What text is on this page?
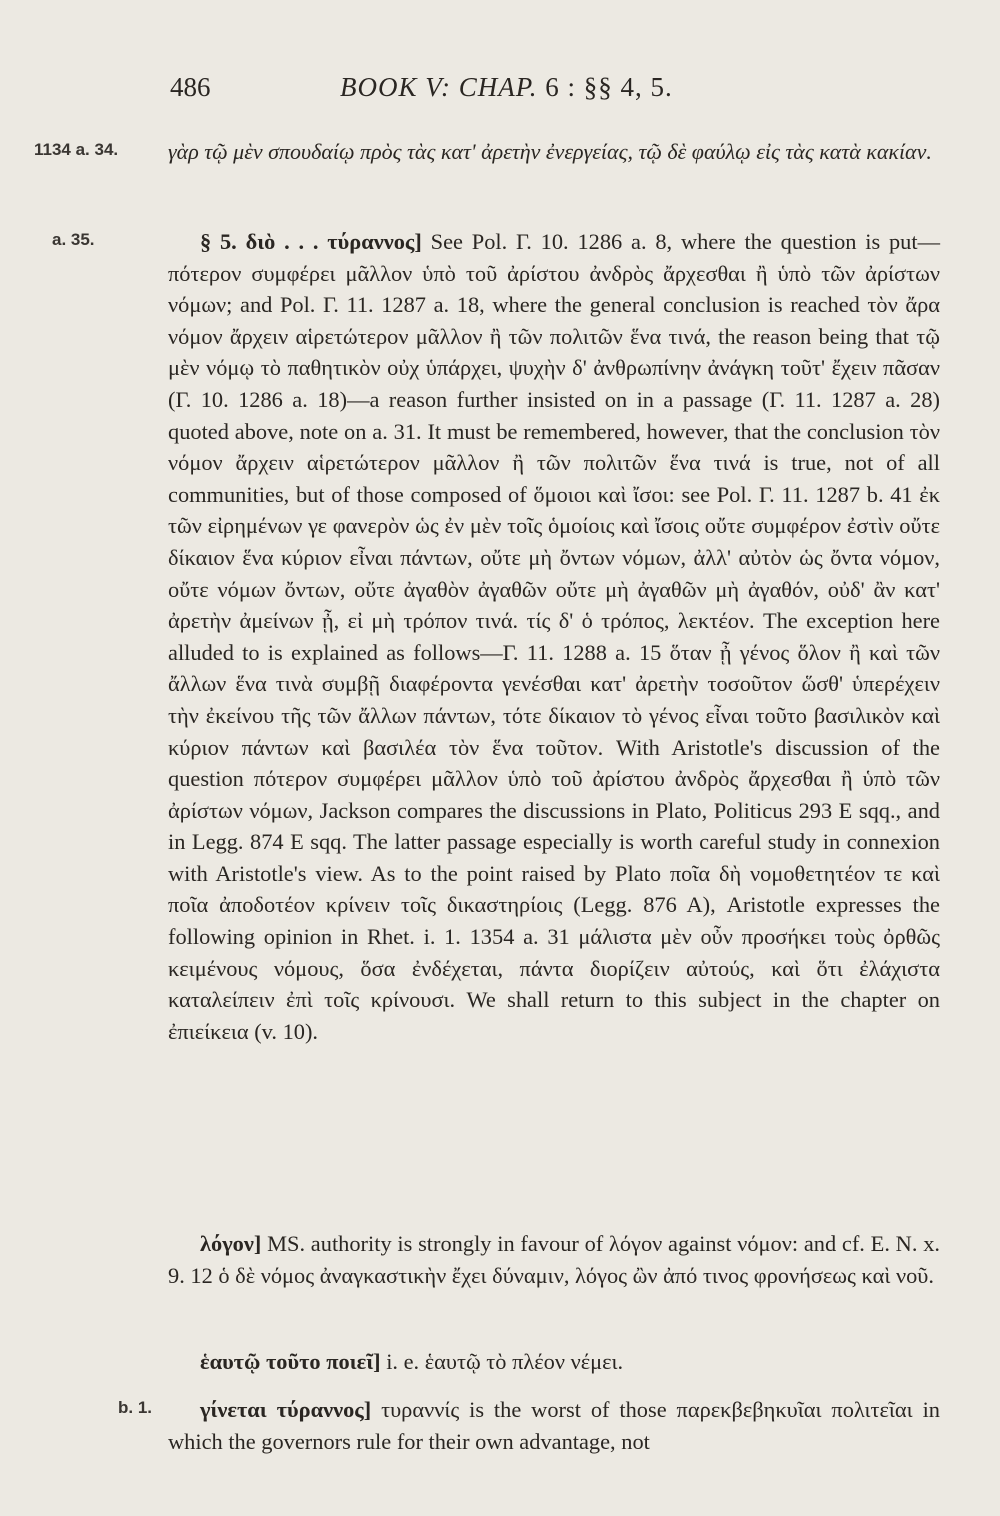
486	BOOK V: CHAP. 6 : §§ 4, 5.
1134 a. 34.	γὰρ τῷ μὲν σπουδαίῳ πρὸς τὰς κατ' ἀρετὴν ἐνεργείας, τῷ δὲ φαύλῳ εἰς τὰς κατὰ κακίαν.
a. 35.	§ 5. διὸ . . . τύραννος] See Pol. Γ. 10. 1286 a. 8, where the question is put—πότερον συμφέρει μᾶλλον ὑπὸ τοῦ ἀρίστου ἀνδρὸς ἄρχεσθαι ἢ ὑπὸ τῶν ἀρίστων νόμων; and Pol. Γ. 11. 1287 a. 18, where the general conclusion is reached τὸν ἄρα νόμον ἄρχειν αἱρετώτερον μᾶλλον ἢ τῶν πολιτῶν ἕνα τινά, the reason being that τῷ μὲν νόμῳ τὸ παθητικὸν οὐχ ὑπάρχει, ψυχὴν δ' ἀνθρωπίνην ἀνάγκη τοῦτ' ἔχειν πᾶσαν (Γ. 10. 1286 a. 18)—a reason further insisted on in a passage (Γ. 11. 1287 a. 28) quoted above, note on a. 31. It must be remembered, however, that the conclusion τὸν νόμον ἄρχειν αἱρετώτερον μᾶλλον ἢ τῶν πολιτῶν ἕνα τινά is true, not of all communities, but of those composed of ὅμοιοι καὶ ἴσοι: see Pol. Γ. 11. 1287 b. 41 ἐκ τῶν εἰρημένων γε φανερὸν ὡς ἐν μὲν τοῖς ὁμοίοις καὶ ἴσοις οὔτε συμφέρον ἐστὶν οὔτε δίκαιον ἕνα κύριον εἶναι πάντων, οὔτε μὴ ὄντων νόμων, ἀλλ' αὐτὸν ὡς ὄντα νόμον, οὔτε νόμων ὄντων, οὔτε ἀγαθὸν ἀγαθῶν οὔτε μὴ ἀγαθῶν μὴ ἀγαθόν, οὐδ' ἂν κατ' ἀρετὴν ἀμείνων ᾖ, εἰ μὴ τρόπον τινά. τίς δ' ὁ τρόπος, λεκτέον. The exception here alluded to is explained as follows—Γ. 11. 1288 a. 15 ὅταν ᾖ γένος ὅλον ἢ καὶ τῶν ἄλλων ἕνα τινὰ συμβῇ διαφέροντα γενέσθαι κατ' ἀρετὴν τοσοῦτον ὥσθ' ὑπερέχειν τὴν ἐκείνου τῆς τῶν ἄλλων πάντων, τότε δίκαιον τὸ γένος εἶναι τοῦτο βασιλικὸν καὶ κύριον πάντων καὶ βασιλέα τὸν ἕνα τοῦτον. With Aristotle's discussion of the question πότερον συμφέρει μᾶλλον ὑπὸ τοῦ ἀρίστου ἀνδρὸς ἄρχεσθαι ἢ ὑπὸ τῶν ἀρίστων νόμων, Jackson compares the discussions in Plato, Politicus 293 E sqq., and in Legg. 874 E sqq. The latter passage especially is worth careful study in connexion with Aristotle's view. As to the point raised by Plato ποῖα δὴ νομοθετητέον τε καὶ ποῖα ἀποδοτέον κρίνειν τοῖς δικαστηρίοις (Legg. 876 A), Aristotle expresses the following opinion in Rhet. i. 1. 1354 a. 31 μάλιστα μὲν οὖν προσήκει τοὺς ὀρθῶς κειμένους νόμους, ὅσα ἐνδέχεται, πάντα διορίζειν αὐτούς, καὶ ὅτι ἐλάχιστα καταλείπειν ἐπὶ τοῖς κρίνουσι. We shall return to this subject in the chapter on ἐπιείκεια (v. 10).
λόγον] MS. authority is strongly in favour of λόγον against νόμον: and cf. E. N. x. 9. 12 ὁ δὲ νόμος ἀναγκαστικὴν ἔχει δύναμιν, λόγος ὢν ἀπό τινος φρονήσεως καὶ νοῦ.
ἑαυτῷ τοῦτο ποιεῖ] i. e. ἑαυτῷ τὸ πλέον νέμει.
b. 1.	γίνεται τύραννος] τυραννίς is the worst of those παρεκβεβηκυῖαι πολιτεῖαι in which the governors rule for their own advantage, not
